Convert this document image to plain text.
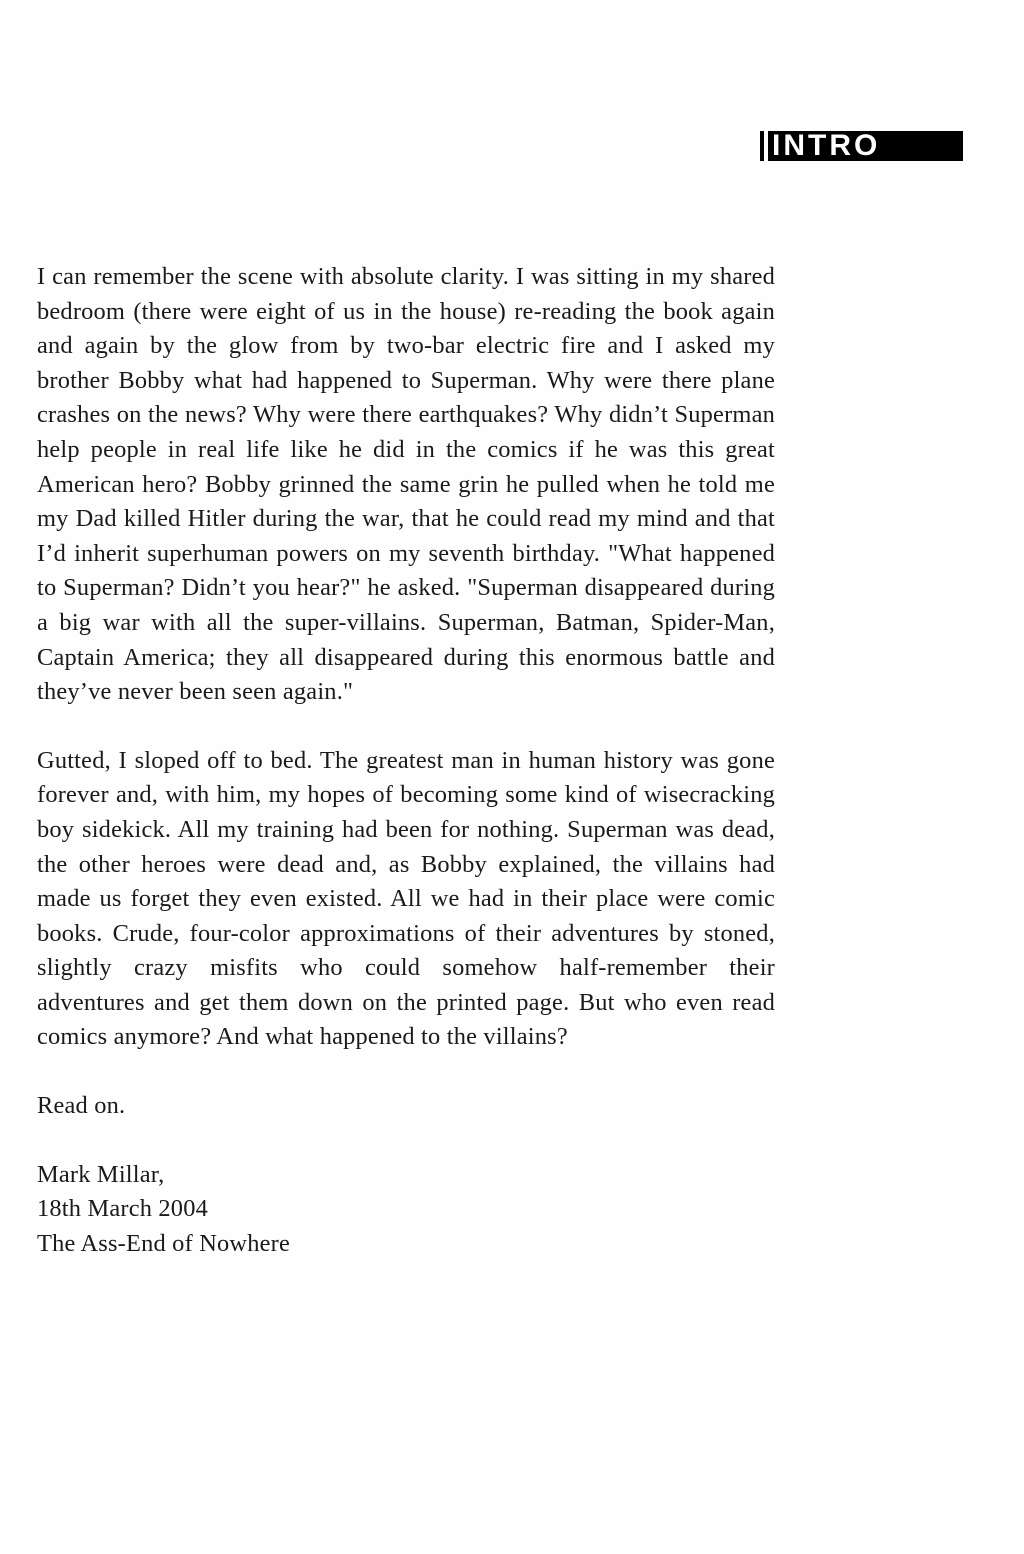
INTRO

I can remember the scene with absolute clarity. I was sitting in my shared bedroom (there were eight of us in the house) re-reading the book again and again by the glow from by two-bar electric fire and I asked my brother Bobby what had happened to Superman. Why were there plane crashes on the news? Why were there earthquakes? Why didn’t Superman help people in real life like he did in the comics if he was this great American hero? Bobby grinned the same grin he pulled when he told me my Dad killed Hitler during the war, that he could read my mind and that I’d inherit superhuman powers on my seventh birthday. "What happened to Superman? Didn’t you hear?" he asked. "Superman disappeared during a big war with all the super-villains. Superman, Batman, Spider-Man, Captain America; they all disappeared during this enormous battle and they’ve never been seen again."

Gutted, I sloped off to bed. The greatest man in human history was gone forever and, with him, my hopes of becoming some kind of wisecracking boy sidekick. All my training had been for nothing. Superman was dead, the other heroes were dead and, as Bobby explained, the villains had made us forget they even existed. All we had in their place were comic books. Crude, four-color approximations of their adventures by stoned, slightly crazy misfits who could somehow half-remember their adventures and get them down on the printed page. But who even read comics anymore? And what happened to the villains?

Read on.

Mark Millar,
18th March 2004
The Ass-End of Nowhere
